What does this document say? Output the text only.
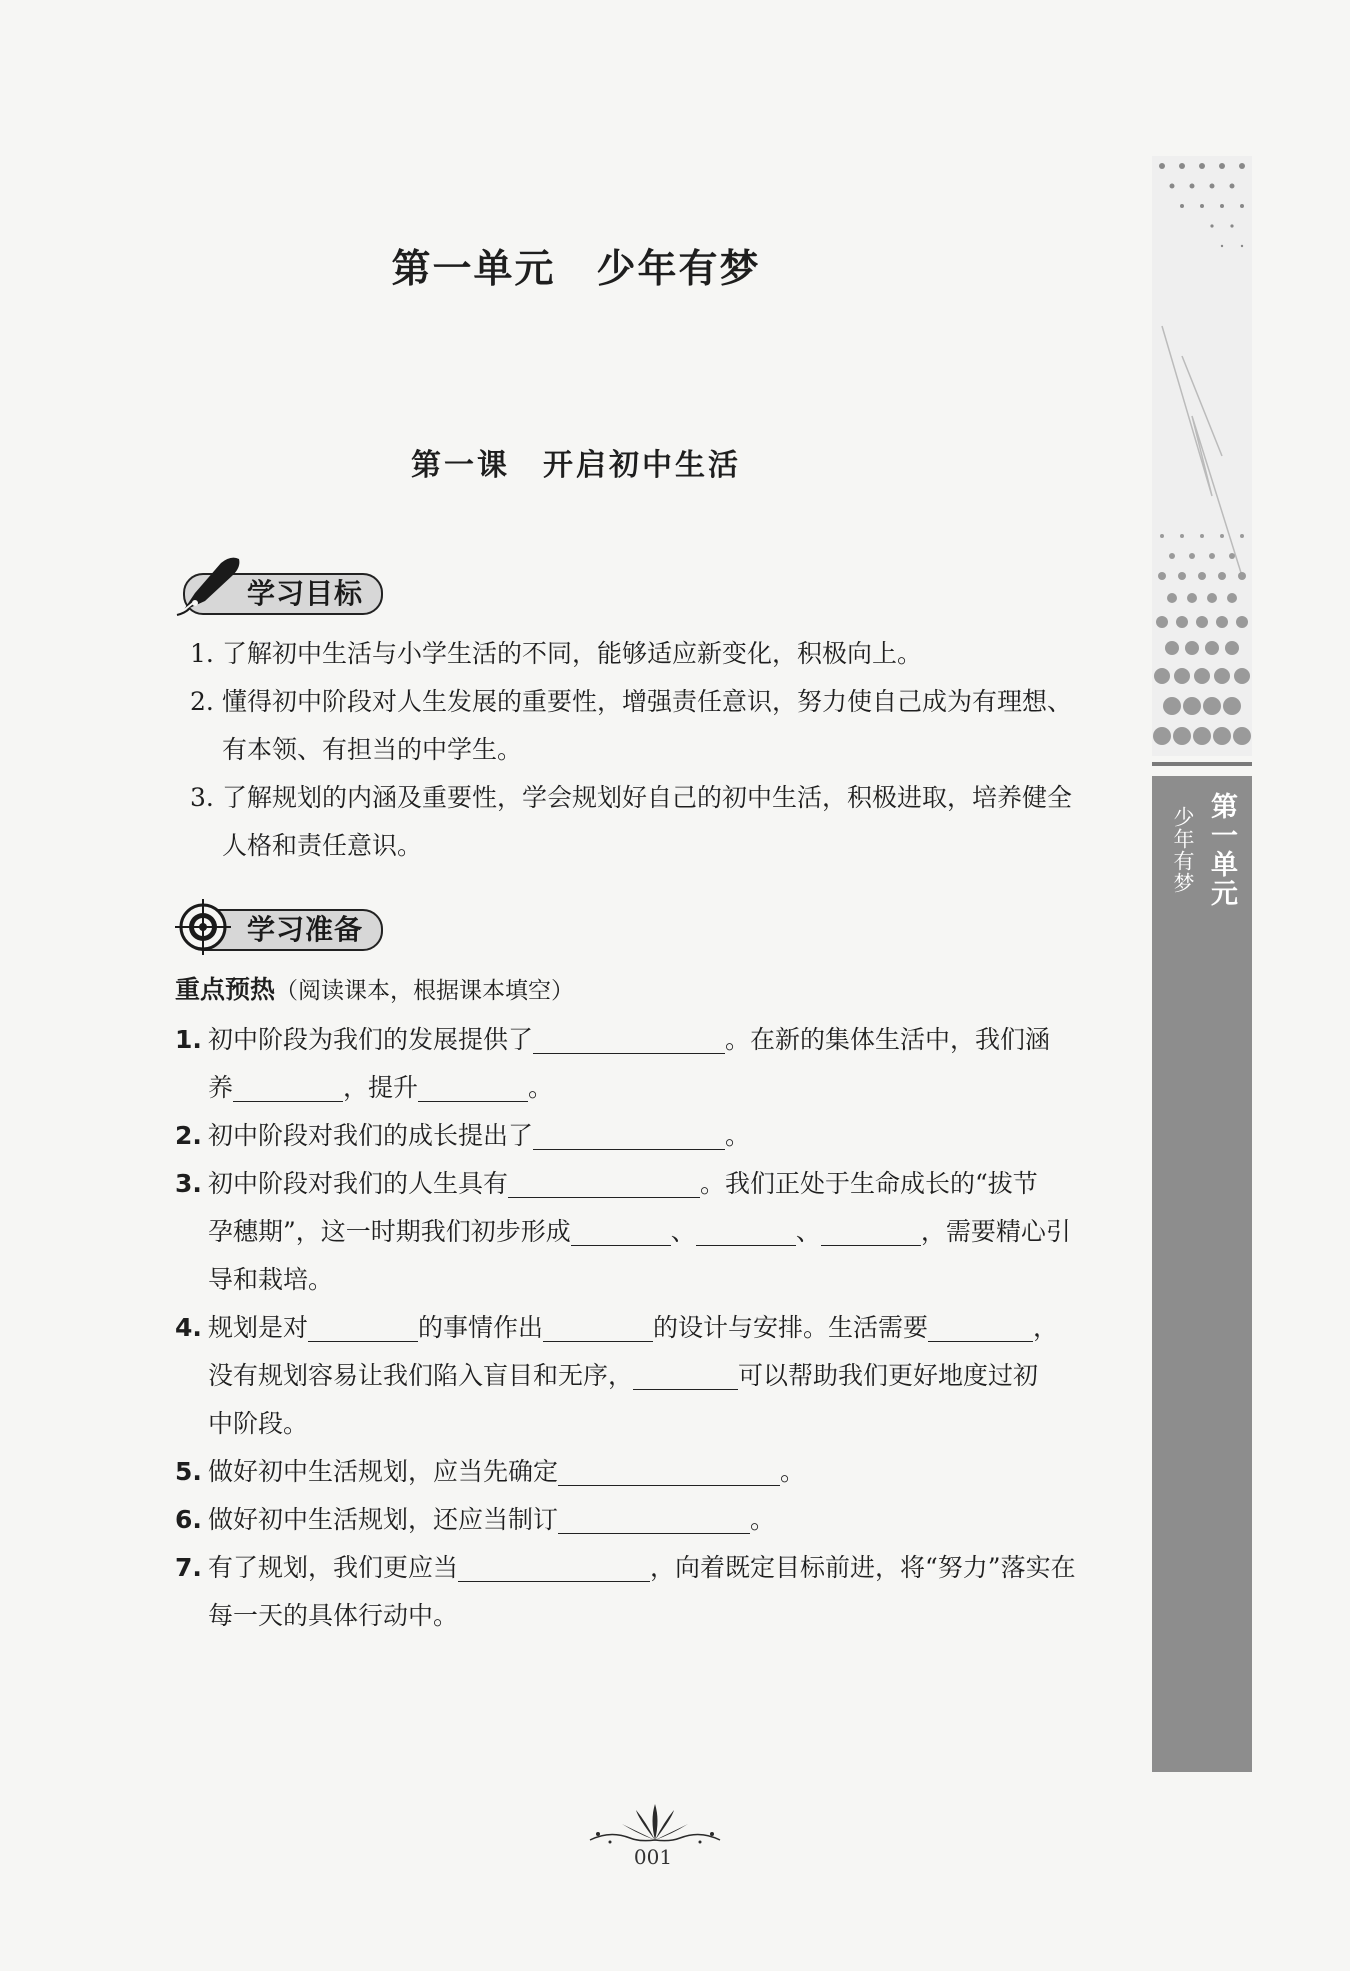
第一单元
少年有梦
第一单元　少年有梦
第一课　开启初中生活
学习目标
1. 了解初中生活与小学生活的不同，能够适应新变化，积极向上。
2. 懂得初中阶段对人生发展的重要性，增强责任意识，努力使自己成为有理想、
有本领、有担当的中学生。
3. 了解规划的内涵及重要性，学会规划好自己的初中生活，积极进取，培养健全
人格和责任意识。
学习准备
重点预热（阅读课本，根据课本填空）
1. 初中阶段为我们的发展提供了	。在新的集体生活中，我们涵
养	，提升	。
2. 初中阶段对我们的成长提出了	。
3. 初中阶段对我们的人生具有	。我们正处于生命成长的“拔节
孕穗期”，这一时期我们初步形成	、	、	，需要精心引
导和栽培。
4. 规划是对	的事情作出	的设计与安排。生活需要	，
没有规划容易让我们陷入盲目和无序，	可以帮助我们更好地度过初
中阶段。
5. 做好初中生活规划，应当先确定	。
6. 做好初中生活规划，还应当制订	。
7. 有了规划，我们更应当	，向着既定目标前进，将“努力”落实在
每一天的具体行动中。
001
